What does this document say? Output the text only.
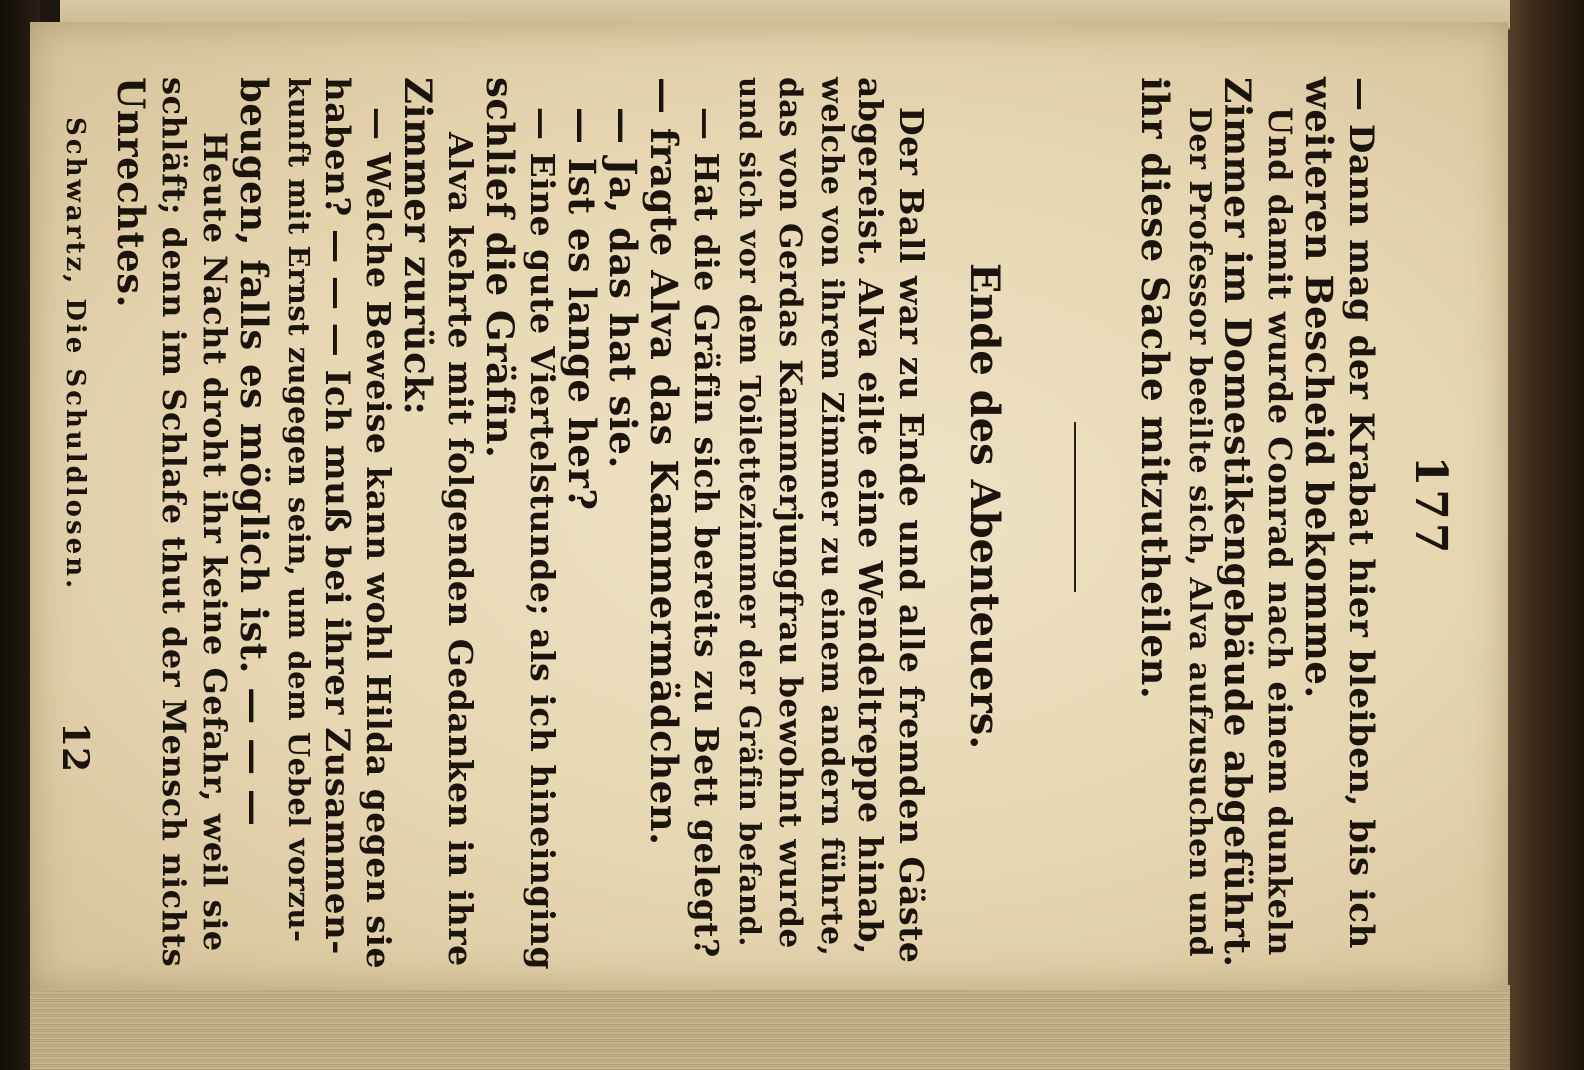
177
— Dann mag der Krabat hier bleiben, bis ich
weiteren Bescheid bekomme.
Und damit wurde Conrad nach einem dunkeln
Zimmer im Domestikengebäude abgeführt.
Der Professor beeilte sich, Alva aufzusuchen und
ihr diese Sache mitzutheilen.
Ende des Abenteuers.
Der Ball war zu Ende und alle fremden Gäste
abgereist. Alva eilte eine Wendeltreppe hinab,
welche von ihrem Zimmer zu einem andern führte,
das von Gerdas Kammerjungfrau bewohnt wurde
und sich vor dem Toilettezimmer der Gräfin befand.
— Hat die Gräfin sich bereits zu Bett gelegt?
— fragte Alva das Kammermädchen.
— Ja, das hat sie.
— Ist es lange her?
— Eine gute Viertelstunde; als ich hineinging
schlief die Gräfin.
Alva kehrte mit folgenden Gedanken in ihre
Zimmer zurück:
— Welche Beweise kann wohl Hilda gegen sie
haben? — — — Ich muß bei ihrer Zusammen-
kunft mit Ernst zugegen sein, um dem Uebel vorzu-
beugen, falls es möglich ist. — — —
Heute Nacht droht ihr keine Gefahr, weil sie
schläft; denn im Schlafe thut der Mensch nichts
Unrechtes.
Schwartz, Die Schuldlosen.
12
